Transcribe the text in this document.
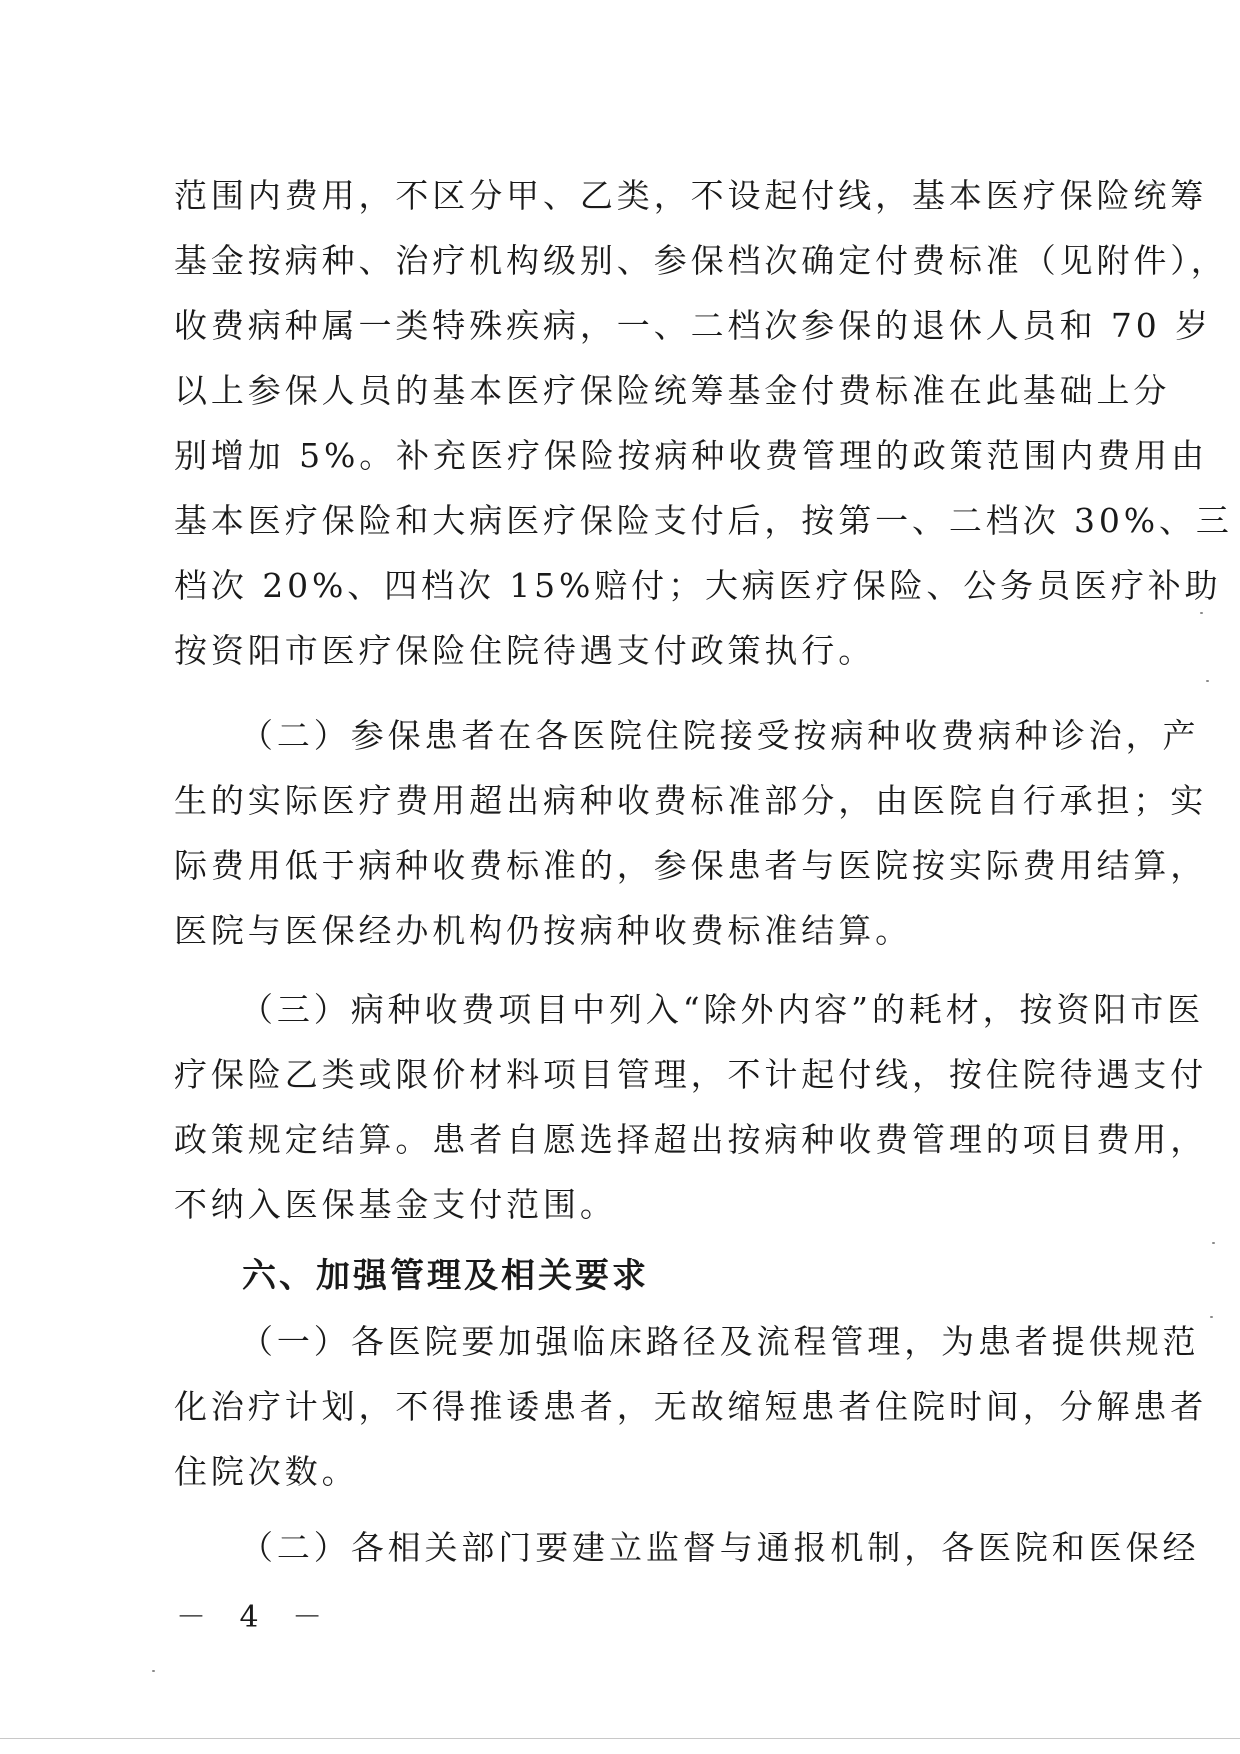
范围内费用，不区分甲、乙类，不设起付线，基本医疗保险统筹
基金按病种、治疗机构级别、参保档次确定付费标准（见附件），
收费病种属一类特殊疾病，一、二档次参保的退休人员和 70 岁
以上参保人员的基本医疗保险统筹基金付费标准在此基础上分
别增加 5%。补充医疗保险按病种收费管理的政策范围内费用由
基本医疗保险和大病医疗保险支付后，按第一、二档次 30%、三
档次 20%、四档次 15%赔付；大病医疗保险、公务员医疗补助
按资阳市医疗保险住院待遇支付政策执行。
（二）参保患者在各医院住院接受按病种收费病种诊治，产
生的实际医疗费用超出病种收费标准部分，由医院自行承担；实
际费用低于病种收费标准的，参保患者与医院按实际费用结算，
医院与医保经办机构仍按病种收费标准结算。
（三）病种收费项目中列入“除外内容”的耗材，按资阳市医
疗保险乙类或限价材料项目管理，不计起付线，按住院待遇支付
政策规定结算。患者自愿选择超出按病种收费管理的项目费用，
不纳入医保基金支付范围。
六、加强管理及相关要求
（一）各医院要加强临床路径及流程管理，为患者提供规范
化治疗计划，不得推诿患者，无故缩短患者住院时间，分解患者
住院次数。
（二）各相关部门要建立监督与通报机制，各医院和医保经
－ 4 －
